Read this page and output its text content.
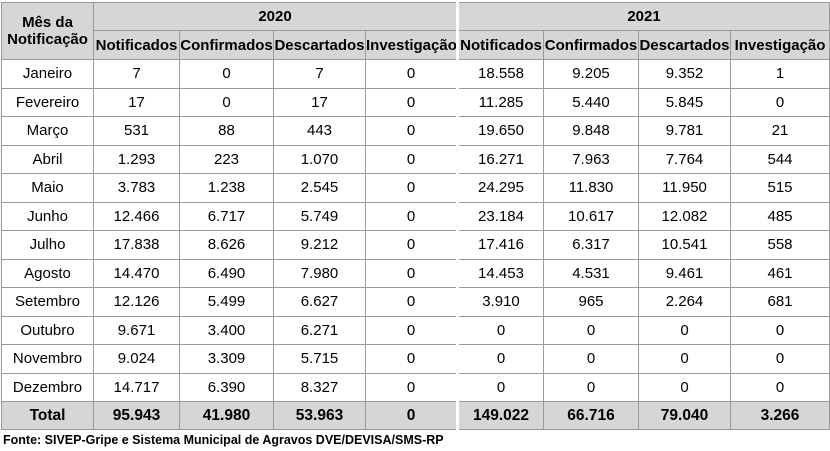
Mês da
Notificação	2020				2021			
	Notificados	Confirmados	Descartados	Investigação	Notificados	Confirmados	Descartados	Investigação
Janeiro	7	0	7	0	18.558	9.205	9.352	1
Fevereiro	17	0	17	0	11.285	5.440	5.845	0
Março	531	88	443	0	19.650	9.848	9.781	21
Abril	1.293	223	1.070	0	16.271	7.963	7.764	544
Maio	3.783	1.238	2.545	0	24.295	11.830	11.950	515
Junho	12.466	6.717	5.749	0	23.184	10.617	12.082	485
Julho	17.838	8.626	9.212	0	17.416	6.317	10.541	558
Agosto	14.470	6.490	7.980	0	14.453	4.531	9.461	461
Setembro	12.126	5.499	6.627	0	3.910	965	2.264	681
Outubro	9.671	3.400	6.271	0	0	0	0	0
Novembro	9.024	3.309	5.715	0	0	0	0	0
Dezembro	14.717	6.390	8.327	0	0	0	0	0
Total	95.943	41.980	53.963	0	149.022	66.716	79.040	3.266
Fonte: SIVEP-Gripe e Sistema Municipal de Agravos DVE/DEVISA/SMS-RP
